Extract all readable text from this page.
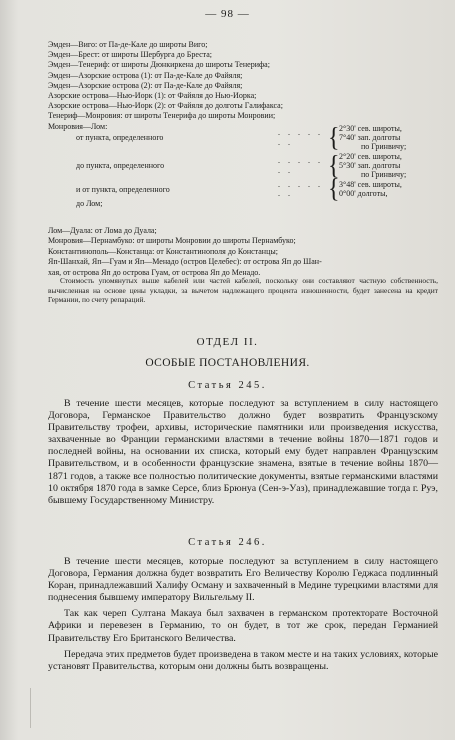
— 98 —
Эмден—Виго: от Па-де-Кале до широты Виго;
Эмден—Брест: от широты Шербурга до Бреста;
Эмден—Тенериф: от широты Дюнкиркена до широты Тенерифа;
Эмден—Азорские острова (1): от Па-де-Кале до Файяля;
Эмден—Азорские острова (2): от Па-де-Кале до Файяля;
Азорские острова—Нью-Иорк (1): от Файяля до Нью-Иорка;
Азорские острова—Нью-Иорк (2): от Файяля до долготы Галифакса;
Тенериф—Монровия: от широты Тенерифа до широты Монровии;
Монровия—Лом:
от пункта, определенного
. . . . . . .	{ 2°30' сев. широты,
7°40' зап. долготы
по Гринвичу;
до пункта, определенного
. . . . . . .	{ 2°20' сев. широты,
5°30' зап. долготы
по Гринвичу;
и от пункта, определенного
. . . . . . .	{ 3°48' сев. широты,
0°00' долготы,
до Лом;
Лом—Дуала: от Лома до Дуала;
Монровия—Пернамбуко: от широты Монровии до широты Пернамбуко;
Константинополь—Констанца: от Константинополя до Констанцы;
Яп-Шанхай, Яп—Гуам и Яп—Менадо (остров Целебес): от острова Яп до Шан-
хая, от острова Яп до острова Гуам, от острова Яп до Менадо.
Стоимость упомянутых выше кабелей или частей кабелей, поскольку они составляют частную собственность, вычисленная на основе цены укладки, за вычетом надлежащего процента изношенности, будет занесена на кредит Германии, по счету репараций.
ОТДЕЛ II.
ОСОБЫЕ ПОСТАНОВЛЕНИЯ.
Статья 245.

В течение шести месяцев, которые последуют за вступлением в силу настоящего Договора, Германское Правительство должно будет возвратить Французскому Правительству трофеи, архивы, исторические памятники или произведения искусства, захваченные во Франции германскими властями в течение войны 1870—1871 годов и последней войны, на основании их списка, который ему будет направлен Французским Правительством, и в особенности французские знамена, взятые в течение войны 1870—1871 годов, а также все полностью политические документы, взятые германскими властями 10 октября 1870 года в замке Серсе, близ Брюнуа (Сен-э-Уаз), принадлежавшие тогда г. Руэ, бывшему Государственному Министру.

Статья 246.

В течение шести месяцев, которые последуют за вступлением в силу настоящего Договора, Германия должна будет возвратить Его Величеству Королю Геджаса подлинный Коран, принадлежавший Халифу Осману и захваченный в Медине турецкими властями для поднесения бывшему императору Вильгельму II.

Так как череп Султана Макауа был захвачен в германском протекторате Восточной Африки и перевезен в Германию, то он будет, в тот же срок, передан Германией Правительству Его Британского Величества.

Передача этих предметов будет произведена в таком месте и на таких условиях, которые установят Правительства, которым они должны быть возвращены.
